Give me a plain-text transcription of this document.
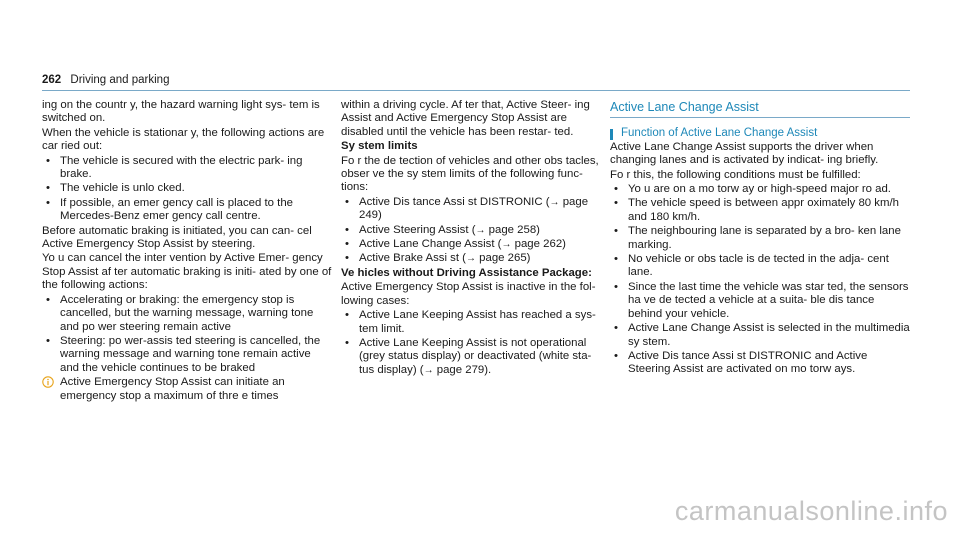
262 Driving and parking

ing on the countr y, the hazard warning light sys‐ tem is switched on.

When the vehicle is stationar y, the following actions are car ried out:

• The vehicle is secured with the electric park‐ ing brake.
• The vehicle is unlo cked.
• If possible, an emer gency call is placed to the Mercedes-Benz emer gency call centre.

Before automatic braking is initiated, you can can‐ cel Active Emergency Stop Assist by steering.

Yo u can cancel the inter vention by Active Emer‐ gency Stop Assist af ter automatic braking is initi‐ ated by one of the following actions:

• Accelerating or braking: the emergency stop is cancelled, but the warning message, warning tone and po wer steering remain active
• Steering: po wer-assis ted steering is cancelled, the warning message and warning tone remain active and the vehicle continues to be braked
Active Emergency Stop Assist can initiate an emergency stop a maximum of thre e times

within a driving cycle. Af ter that, Active Steer‐ ing Assist and Active Emergency Stop Assist are disabled until the vehicle has been restar‐ ted.

Sy stem limits

Fo r the de tection of vehicles and other obs tacles, obser ve the sy stem limits of the following func‐ tions:

• Active Dis tance Assi st DISTRONIC (→ page 249)
• Active Steering Assist (→ page 258)
• Active Lane Change Assist (→ page 262)
• Active Brake Assi st (→ page 265)
Ve hicles without Driving Assistance Package:

Active Emergency Stop Assist is inactive in the fol‐ lowing cases:

• Active Lane Keeping Assist has reached a sys‐ tem limit.
• Active Lane Keeping Assist is not operational (grey status display) or deactivated (white sta‐ tus display) (→ page 279).
Active Lane Change Assist
Function of Active Lane Change Assist

Active Lane Change Assist supports the driver when changing lanes and is activated by indicat‐ ing briefly.

Fo r this, the following conditions must be fulfilled:

• Yo u are on a mo torw ay or high-speed major ro ad.
• The vehicle speed is between appr oximately 80 km/h and 180 km/h.
• The neighbouring lane is separated by a bro‐ ken lane marking.
• No vehicle or obs tacle is de tected in the adja‐ cent lane.
• Since the last time the vehicle was star ted, the sensors ha ve de tected a vehicle at a suita‐ ble dis tance behind your vehicle.
• Active Lane Change Assist is selected in the multimedia sy stem.
• Active Dis tance Assi st DISTRONIC and Active Steering Assist are activated on mo torw ays.
carmanualsonline.info
